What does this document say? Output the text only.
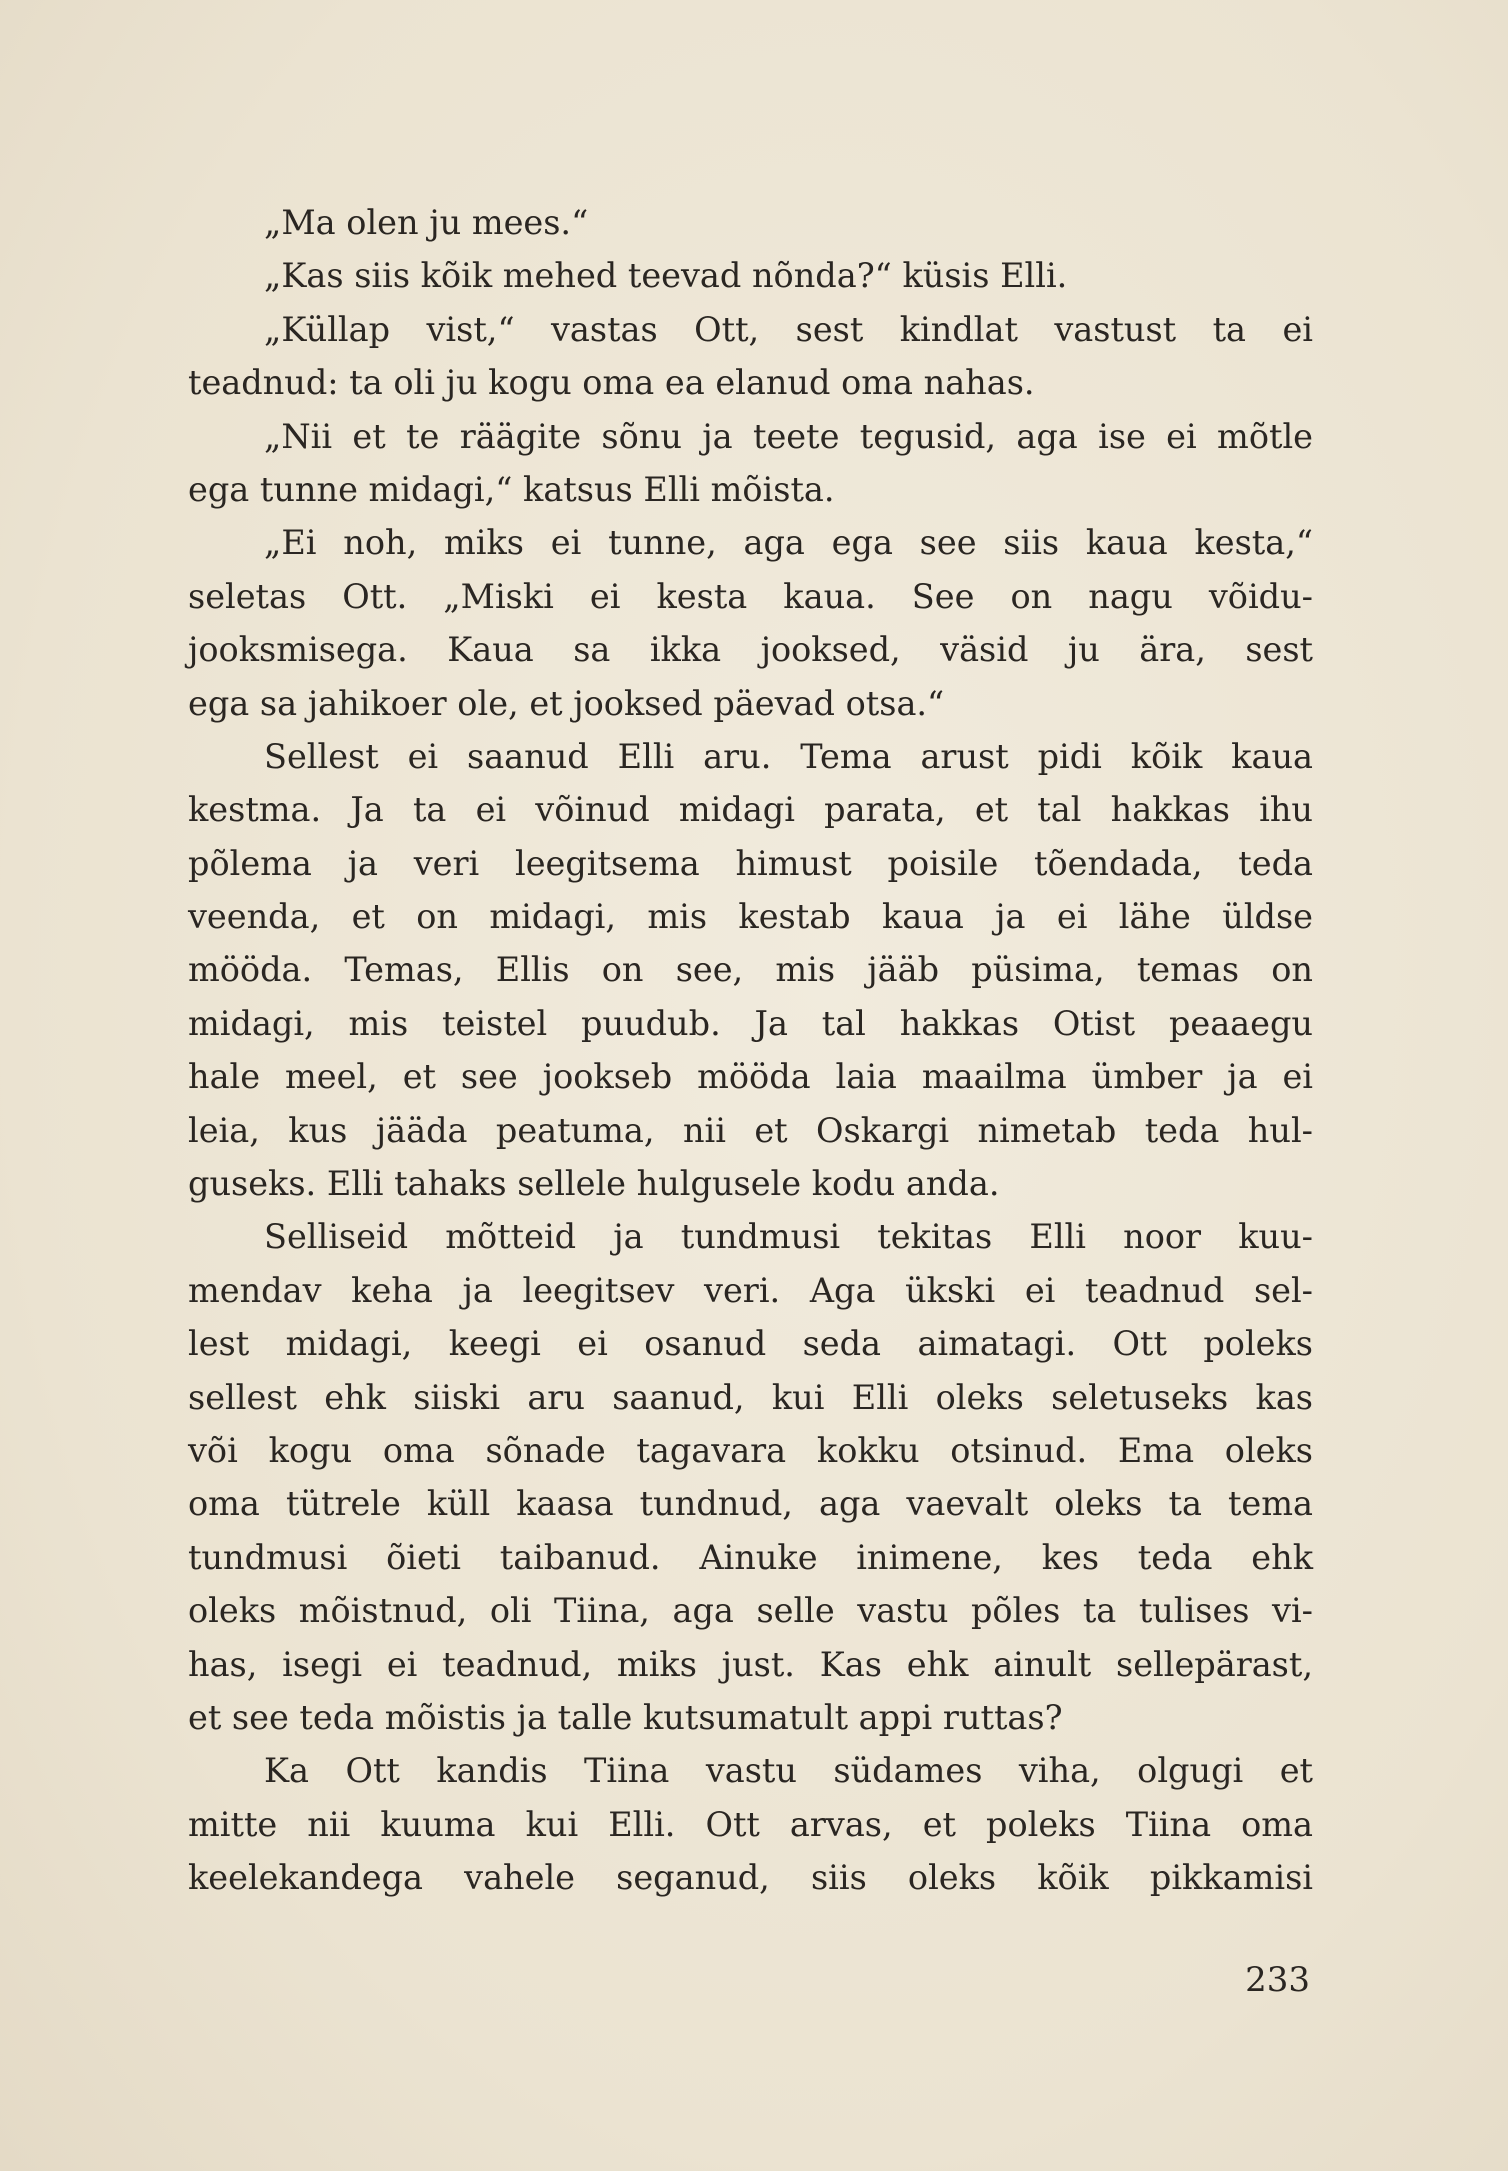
„Ma olen ju mees.“
„Kas siis kõik mehed teevad nõnda?“ küsis Elli.
„Küllap vist,“ vastas Ott, sest kindlat vastust ta ei
teadnud: ta oli ju kogu oma ea elanud oma nahas.
„Nii et te räägite sõnu ja teete tegusid, aga ise ei mõtle
ega tunne midagi,“ katsus Elli mõista.
„Ei noh, miks ei tunne, aga ega see siis kaua kesta,“
seletas Ott. „Miski ei kesta kaua. See on nagu võidu-
jooksmisega. Kaua sa ikka jooksed, väsid ju ära, sest
ega sa jahikoer ole, et jooksed päevad otsa.“
Sellest ei saanud Elli aru. Tema arust pidi kõik kaua
kestma. Ja ta ei võinud midagi parata, et tal hakkas ihu
põlema ja veri leegitsema himust poisile tõendada, teda
veenda, et on midagi, mis kestab kaua ja ei lähe üldse
mööda. Temas, Ellis on see, mis jääb püsima, temas on
midagi, mis teistel puudub. Ja tal hakkas Otist peaaegu
hale meel, et see jookseb mööda laia maailma ümber ja ei
leia, kus jääda peatuma, nii et Oskargi nimetab teda hul-
guseks. Elli tahaks sellele hulgusele kodu anda.
Selliseid mõtteid ja tundmusi tekitas Elli noor kuu-
mendav keha ja leegitsev veri. Aga ükski ei teadnud sel-
lest midagi, keegi ei osanud seda aimatagi. Ott poleks
sellest ehk siiski aru saanud, kui Elli oleks seletuseks kas
või kogu oma sõnade tagavara kokku otsinud. Ema oleks
oma tütrele küll kaasa tundnud, aga vaevalt oleks ta tema
tundmusi õieti taibanud. Ainuke inimene, kes teda ehk
oleks mõistnud, oli Tiina, aga selle vastu põles ta tulises vi-
has, isegi ei teadnud, miks just. Kas ehk ainult sellepärast,
et see teda mõistis ja talle kutsumatult appi ruttas?
Ka Ott kandis Tiina vastu südames viha, olgugi et
mitte nii kuuma kui Elli. Ott arvas, et poleks Tiina oma
keelekandega vahele seganud, siis oleks kõik pikkamisi
233
